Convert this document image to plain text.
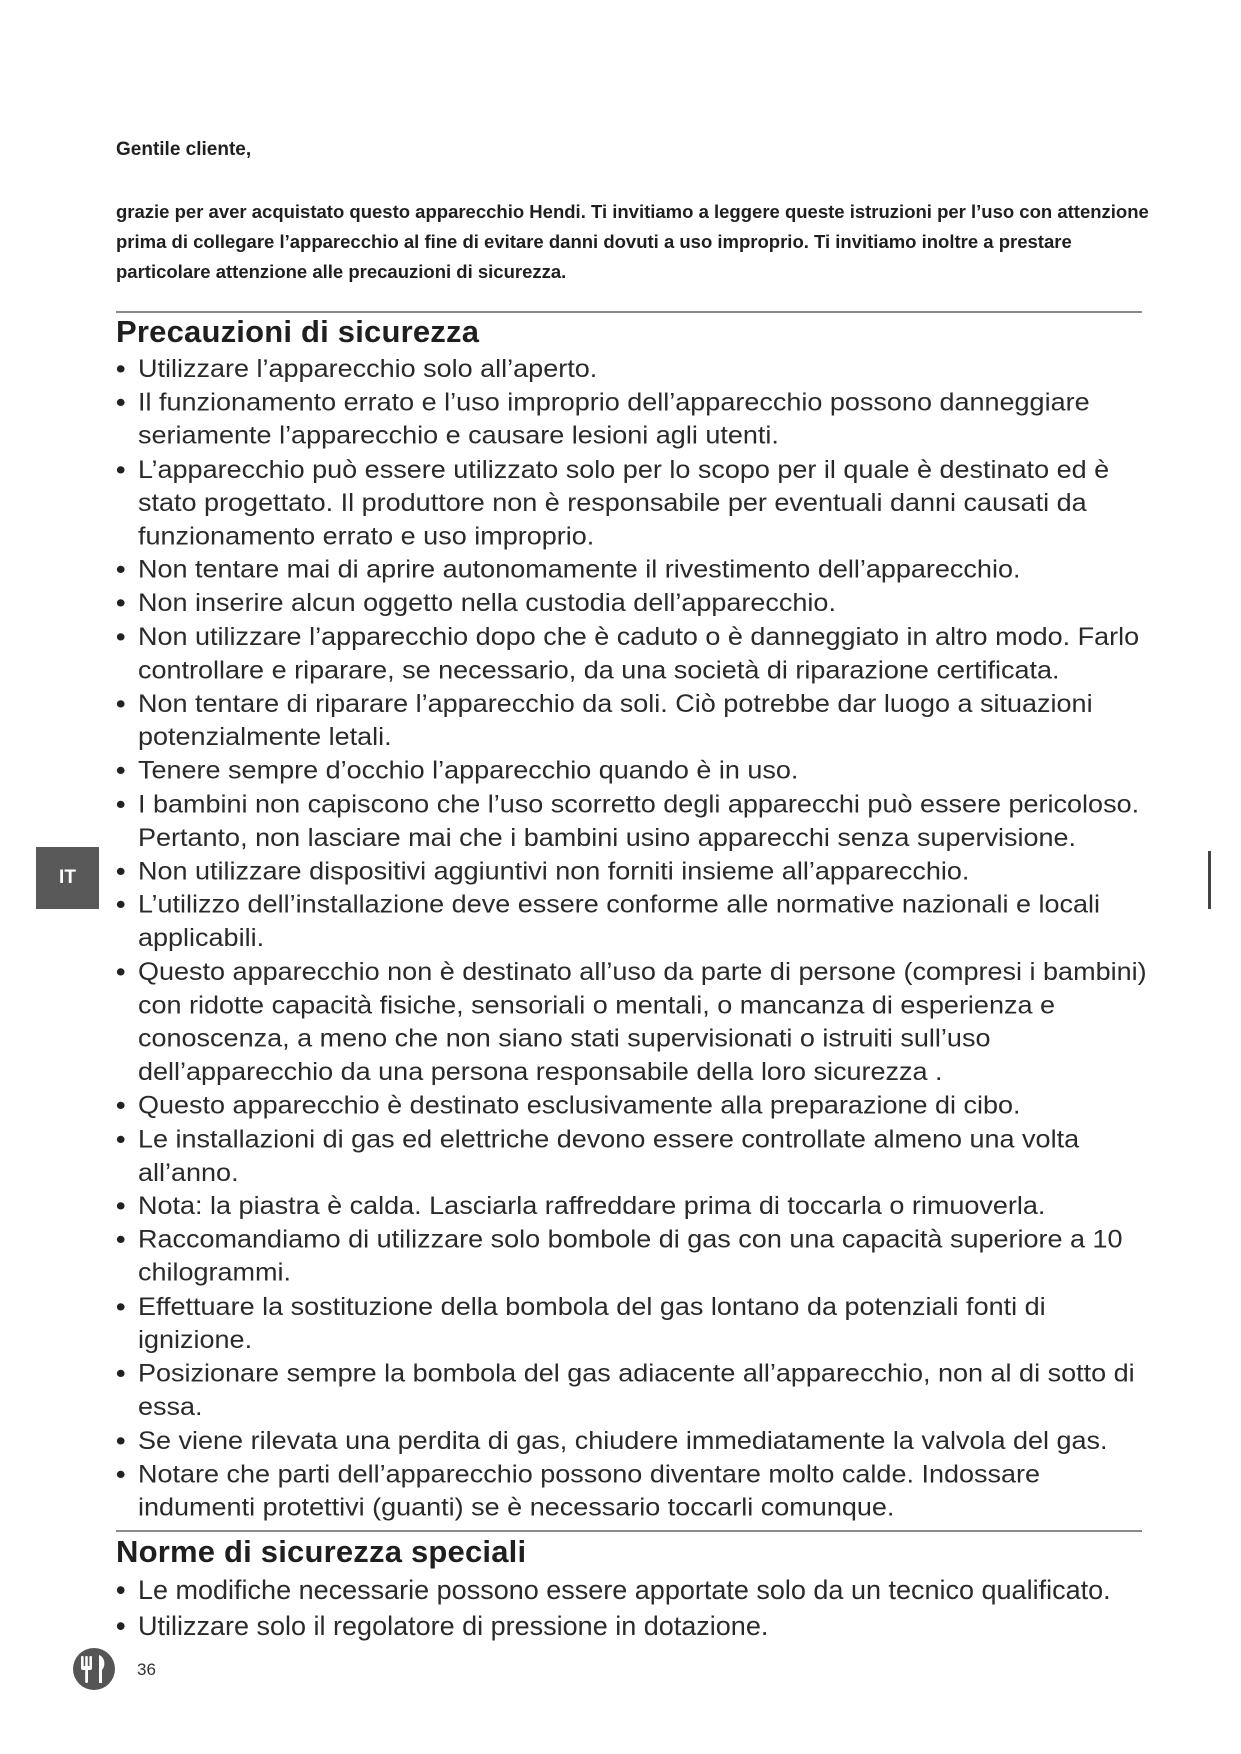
Gentile cliente,

grazie per aver acquistato questo apparecchio Hendi. Ti invitiamo a leggere queste istruzioni per l’uso con attenzione prima di collegare l’apparecchio al fine di evitare danni dovuti a uso improprio. Ti invitiamo inoltre a prestare particolare attenzione alle precauzioni di sicurezza.

Precauzioni di sicurezza
• Utilizzare l’apparecchio solo all’aperto.
• Il funzionamento errato e l’uso improprio dell’apparecchio possono danneggiare seriamente l’apparecchio e causare lesioni agli utenti.
• L’apparecchio può essere utilizzato solo per lo scopo per il quale è destinato ed è stato progettato. Il produttore non è responsabile per eventuali danni causati da funzionamento errato e uso improprio.
• Non tentare mai di aprire autonomamente il rivestimento dell’apparecchio.
• Non inserire alcun oggetto nella custodia dell’apparecchio.
• Non utilizzare l’apparecchio dopo che è caduto o è danneggiato in altro modo. Farlo controllare e riparare, se necessario, da una società di riparazione certificata.
• Non tentare di riparare l’apparecchio da soli. Ciò potrebbe dar luogo a situazioni potenzialmente letali.
• Tenere sempre d’occhio l’apparecchio quando è in uso.
• I bambini non capiscono che l’uso scorretto degli apparecchi può essere pericoloso. Pertanto, non lasciare mai che i bambini usino apparecchi senza supervisione.
• Non utilizzare dispositivi aggiuntivi non forniti insieme all’apparecchio.
• L’utilizzo dell’installazione deve essere conforme alle normative nazionali e locali applicabili.
• Questo apparecchio non è destinato all’uso da parte di persone (compresi i bambini) con ridotte capacità fisiche, sensoriali o mentali, o mancanza di esperienza e conoscenza, a meno che non siano stati supervisionati o istruiti sull’uso dell’apparecchio da una persona responsabile della loro sicurezza .
• Questo apparecchio è destinato esclusivamente alla preparazione di cibo.
• Le installazioni di gas ed elettriche devono essere controllate almeno una volta all’anno.
• Nota: la piastra è calda. Lasciarla raffreddare prima di toccarla o rimuoverla.
• Raccomandiamo di utilizzare solo bombole di gas con una capacità superiore a 10 chilogrammi.
• Effettuare la sostituzione della bombola del gas lontano da potenziali fonti di ignizione.
• Posizionare sempre la bombola del gas adiacente all’apparecchio, non al di sotto di essa.
• Se viene rilevata una perdita di gas, chiudere immediatamente la valvola del gas.
• Notare che parti dell’apparecchio possono diventare molto calde. Indossare indumenti protettivi (guanti) se è necessario toccarli comunque.
Norme di sicurezza speciali
• Le modifiche necessarie possono essere apportate solo da un tecnico qualificato.
• Utilizzare solo il regolatore di pressione in dotazione.
IT
36
